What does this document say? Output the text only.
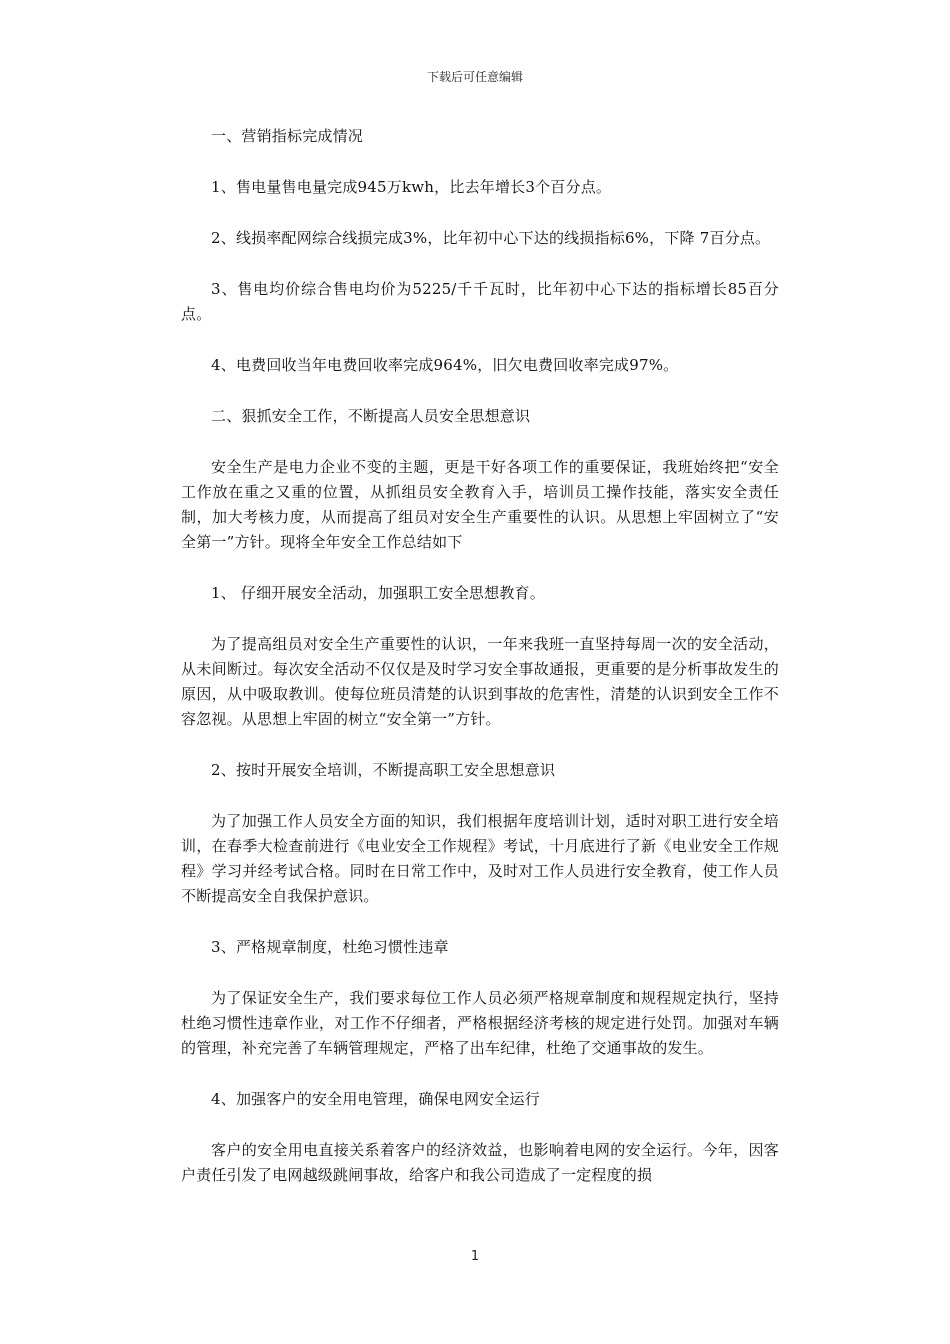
下载后可任意编辑

一、营销指标完成情况

1、售电量售电量完成945万kwh，比去年增长3个百分点。

2、线损率配网综合线损完成3%，比年初中心下达的线损指标6%，下降 7百分点。

3、售电均价综合售电均价为5225/千千瓦时，比年初中心下达的指标增长85百分点。

4、电费回收当年电费回收率完成964%，旧欠电费回收率完成97%。

二、狠抓安全工作，不断提高人员安全思想意识

安全生产是电力企业不变的主题，更是干好各项工作的重要保证，我班始终把“安全工作放在重之又重的位置，从抓组员安全教育入手，培训员工操作技能，落实安全责任制，加大考核力度，从而提高了组员对安全生产重要性的认识。从思想上牢固树立了“安全第一”方针。现将全年安全工作总结如下

1、 仔细开展安全活动，加强职工安全思想教育。

为了提高组员对安全生产重要性的认识，一年来我班一直坚持每周一次的安全活动，从未间断过。每次安全活动不仅仅是及时学习安全事故通报，更重要的是分析事故发生的原因，从中吸取教训。使每位班员清楚的认识到事故的危害性，清楚的认识到安全工作不容忽视。从思想上牢固的树立“安全第一”方针。

2、按时开展安全培训，不断提高职工安全思想意识

为了加强工作人员安全方面的知识，我们根据年度培训计划，适时对职工进行安全培训，在春季大检查前进行《电业安全工作规程》考试，十月底进行了新《电业安全工作规程》学习并经考试合格。同时在日常工作中，及时对工作人员进行安全教育，使工作人员不断提高安全自我保护意识。

3、严格规章制度，杜绝习惯性违章

为了保证安全生产，我们要求每位工作人员必须严格规章制度和规程规定执行，坚持杜绝习惯性违章作业，对工作不仔细者，严格根据经济考核的规定进行处罚。加强对车辆的管理，补充完善了车辆管理规定，严格了出车纪律，杜绝了交通事故的发生。

4、加强客户的安全用电管理，确保电网安全运行

客户的安全用电直接关系着客户的经济效益，也影响着电网的安全运行。今年，因客户责任引发了电网越级跳闸事故，给客户和我公司造成了一定程度的损

1
